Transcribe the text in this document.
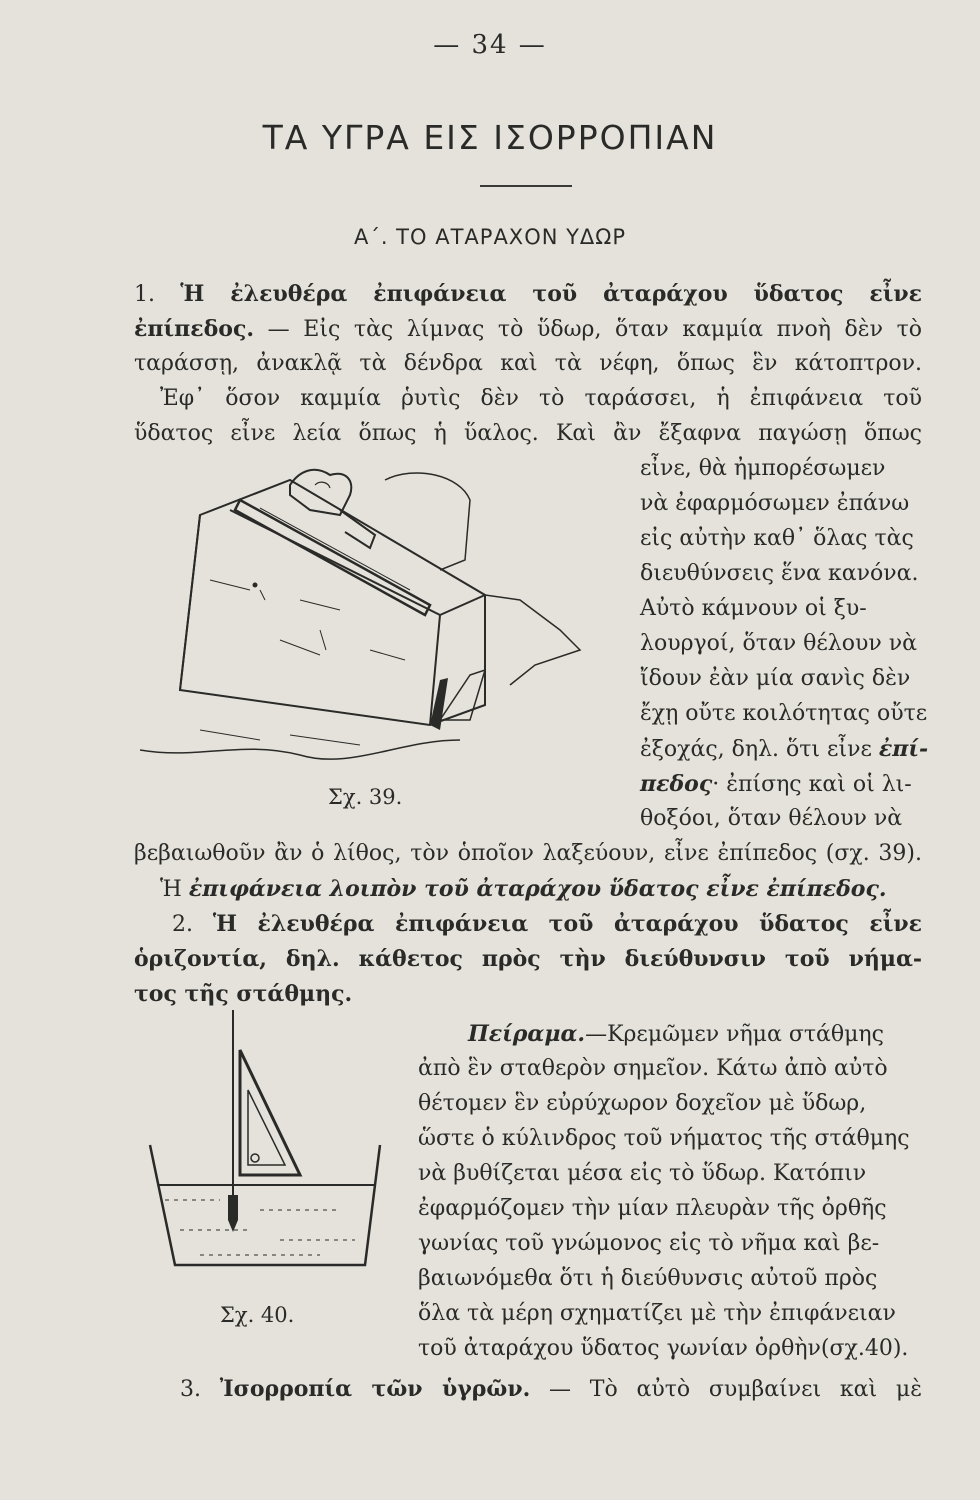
— 34 —
ΤΑ ΥΓΡΑ ΕΙΣ ΙΣΟΡΡΟΠΙΑΝ
Α΄. ΤΟ ΑΤΑΡΑΧΟΝ ΥΔΩΡ
1. Ἡ ἐλευθέρα ἐπιφάνεια τοῦ ἀταράχου ὕδατος εἶνε
ἐπίπεδος. — Εἰς τὰς λίμνας τὸ ὕδωρ, ὅταν καμμία πνοὴ δὲν τὸ
ταράσσῃ, ἀνακλᾷ τὰ δένδρα καὶ τὰ νέφη, ὅπως ἓν κάτοπτρον.
Ἐφ᾿ ὅσον καμμία ῥυτὶς δὲν τὸ ταράσσει, ἡ ἐπιφάνεια τοῦ
ὕδατος εἶνε λεία ὅπως ἡ ὕαλος. Καὶ ἂν ἔξαφνα παγώσῃ ὅπως
εἶνε, θὰ ἠμπορέσωμεν
νὰ ἐφαρμόσωμεν ἐπάνω
εἰς αὐτὴν καθ᾿ ὅλας τὰς
διευθύνσεις ἕνα κανόνα.
Αὐτὸ κάμνουν οἱ ξυ-
λουργοί, ὅταν θέλουν νὰ
ἴδουν ἐὰν μία σανὶς δὲν
ἔχῃ οὔτε κοιλότητας οὔτε
ἐξοχάς, δηλ. ὅτι εἶνε ἐπί-
πεδος· ἐπίσης καὶ οἱ λι-
θοξόοι, ὅταν θέλουν νὰ
Σχ. 39.
βεβαιωθοῦν ἂν ὁ λίθος, τὸν ὁποῖον λαξεύουν, εἶνε ἐπίπεδος (σχ. 39).
Ἡ ἐπιφάνεια λοιπὸν τοῦ ἀταράχου ὕδατος εἶνε ἐπίπεδος.
2. Ἡ ἐλευθέρα ἐπιφάνεια τοῦ ἀταράχου ὕδατος εἶνε
ὁριζοντία, δηλ. κάθετος πρὸς τὴν διεύθυνσιν τοῦ νήμα-
τος τῆς στάθμης.
Πείραμα.—Κρεμῶμεν νῆμα στάθμης
ἀπὸ ἓν σταθερὸν σημεῖον. Κάτω ἀπὸ αὐτὸ
θέτομεν ἓν εὐρύχωρον δοχεῖον μὲ ὕδωρ,
ὥστε ὁ κύλινδρος τοῦ νήματος τῆς στάθμης
νὰ βυθίζεται μέσα εἰς τὸ ὕδωρ. Κατόπιν
ἐφαρμόζομεν τὴν μίαν πλευρὰν τῆς ὀρθῆς
γωνίας τοῦ γνώμονος εἰς τὸ νῆμα καὶ βε-
βαιωνόμεθα ὅτι ἡ διεύθυνσις αὐτοῦ πρὸς
ὅλα τὰ μέρη σχηματίζει μὲ τὴν ἐπιφάνειαν
τοῦ ἀταράχου ὕδατος γωνίαν ὀρθὴν(σχ.40).
Σχ. 40.
3. Ἰσορροπία τῶν ὑγρῶν. — Τὸ αὐτὸ συμβαίνει καὶ μὲ
